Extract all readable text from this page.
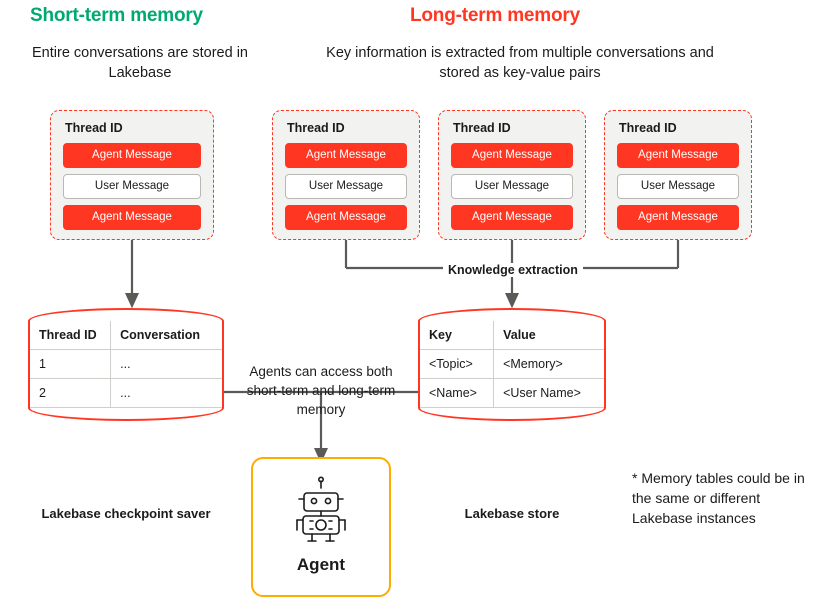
Short-term memory	Long-term memory
Entire conversations are stored in Lakebase
Key information is extracted from multiple conversations and stored as key-value pairs
Thread ID
Agent Message
User Message
Agent Message
Thread ID
Agent Message
User Message
Agent Message
Thread ID
Agent Message
User Message
Agent Message
Thread ID
Agent Message
User Message
Agent Message
Knowledge extraction
Thread ID	Conversation
1	...
2	...
Lakebase checkpoint saver
Key	Value
<Topic>	<Memory>
<Name>	<User Name>
Lakebase store
Agents can access both short-term and long-term memory
Agent
* Memory tables could be in the same or different Lakebase instances
